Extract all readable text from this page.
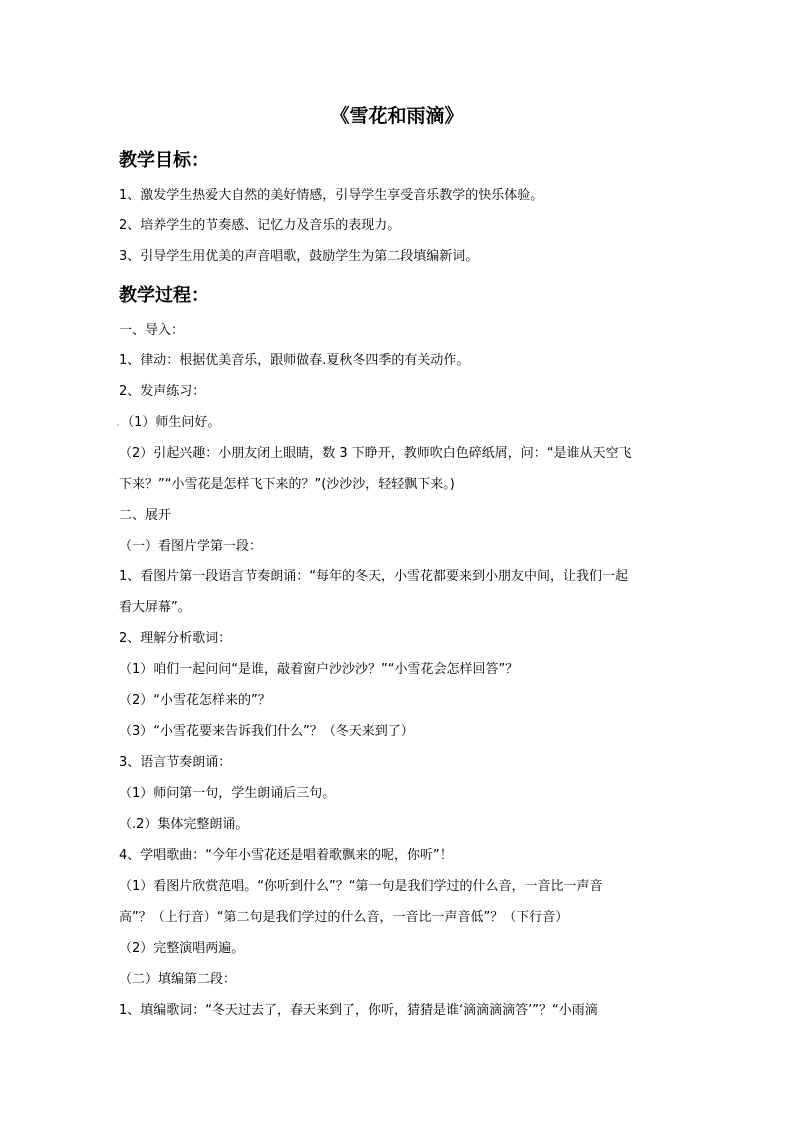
《雪花和雨滴》
教学目标：
1、激发学生热爱大自然的美好情感，引导学生享受音乐教学的快乐体验。
2、培养学生的节奏感、记忆力及音乐的表现力。
3、引导学生用优美的声音唱歌，鼓励学生为第二段填编新词。
教学过程：
一、导入：
1、律动：根据优美音乐，跟师做春.夏秋冬四季的有关动作。
2、发声练习：
.（1）师生问好。
（2）引起兴趣：小朋友闭上眼睛，数 3 下睁开，教师吹白色碎纸屑，问：“是谁从天空飞
下来？”“小雪花是怎样飞下来的？”(沙沙沙，轻轻飘下来。)
二、展开
（一）看图片学第一段：
1、看图片第一段语言节奏朗诵：“每年的冬天，小雪花都要来到小朋友中间，让我们一起
看大屏幕”。
2、理解分析歌词：
（1）咱们一起问问“是谁，敲着窗户沙沙沙？”“小雪花会怎样回答”？
（2）“小雪花怎样来的”？
（3）“小雪花要来告诉我们什么”？（冬天来到了）
3、语言节奏朗诵：
（1）师问第一句，学生朗诵后三句。
（.2）集体完整朗诵。
4、学唱歌曲：“今年小雪花还是唱着歌飘来的呢，你听”！
（1）看图片欣赏范唱。“你听到什么”？“第一句是我们学过的什么音，一音比一声音
高”？（上行音）“第二句是我们学过的什么音，一音比一声音低”？（下行音）
（2）完整演唱两遍。
（二）填编第二段：
1、填编歌词：“冬天过去了，春天来到了，你听，猜猜是谁‘滴滴滴滴答’”？“小雨滴
